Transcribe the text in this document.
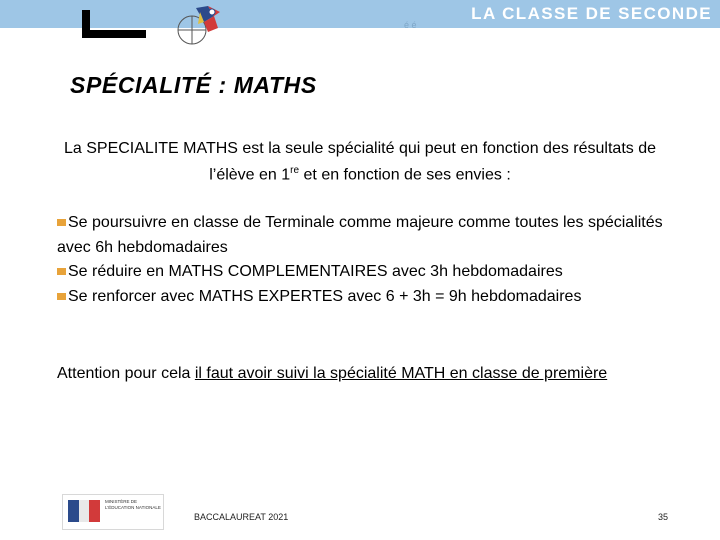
LA CLASSE DE SECONDE
é é
SPÉCIALITÉ : MATHS

La SPECIALITE MATHS est la seule spécialité qui peut en fonction des résultats de l’élève en 1re et en fonction de ses envies :

Se poursuivre en classe de Terminale comme majeure comme toutes les spécialités avec 6h hebdomadaires
Se réduire en MATHS COMPLEMENTAIRES avec 3h hebdomadaires
Se renforcer avec MATHS EXPERTES avec 6 + 3h = 9h hebdomadaires

Attention pour cela il faut avoir suivi la spécialité MATH en classe de première

MINISTÈRE DE L’ÉDUCATION NATIONALE
BACCALAUREAT 2021	35
